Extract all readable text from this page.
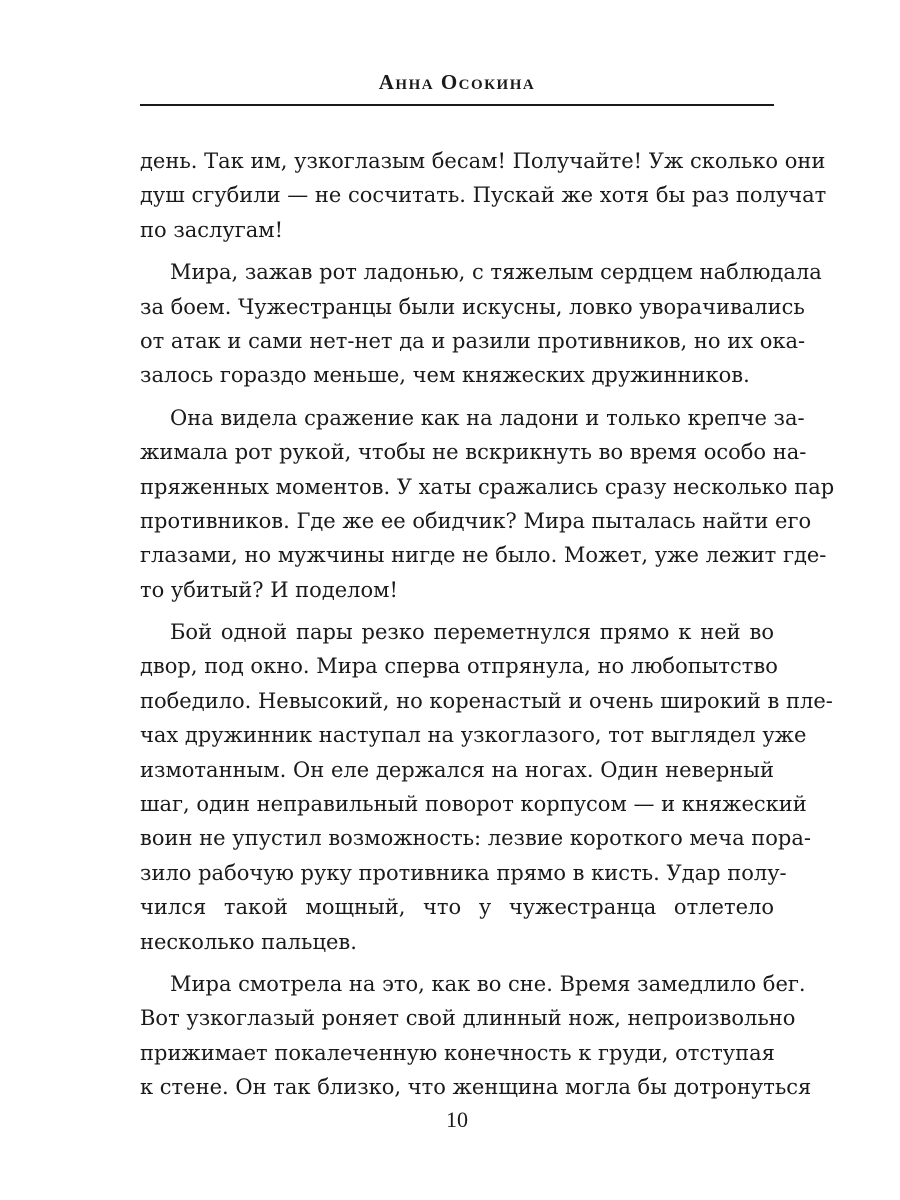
Анна Осокина
день. Так им, узкоглазым бесам! Получайте! Уж сколько они
душ сгубили — не сосчитать. Пускай же хотя бы раз получат
по заслугам!
Мира, зажав рот ладонью, с тяжелым сердцем наблюдала
за боем. Чужестранцы были искусны, ловко уворачивались
от атак и сами нет-нет да и разили противников, но их ока-
залось гораздо меньше, чем княжеских дружинников.
Она видела сражение как на ладони и только крепче за-
жимала рот рукой, чтобы не вскрикнуть во время особо на-
пряженных моментов. У хаты сражались сразу несколько пар
противников. Где же ее обидчик? Мира пыталась найти его
глазами, но мужчины нигде не было. Может, уже лежит где-
то убитый? И поделом!
Бой одной пары резко переметнулся прямо к ней во
двор, под окно. Мира сперва отпрянула, но любопытство
победило. Невысокий, но коренастый и очень широкий в пле-
чах дружинник наступал на узкоглазого, тот выглядел уже
измотанным. Он еле держался на ногах. Один неверный
шаг, один неправильный поворот корпусом — и княжеский
воин не упустил возможность: лезвие короткого меча пора-
зило рабочую руку противника прямо в кисть. Удар полу-
чился такой мощный, что у чужестранца отлетело
несколько пальцев.
Мира смотрела на это, как во сне. Время замедлило бег.
Вот узкоглазый роняет свой длинный нож, непроизвольно
прижимает покалеченную конечность к груди, отступая
к стене. Он так близко, что женщина могла бы дотронуться
10
